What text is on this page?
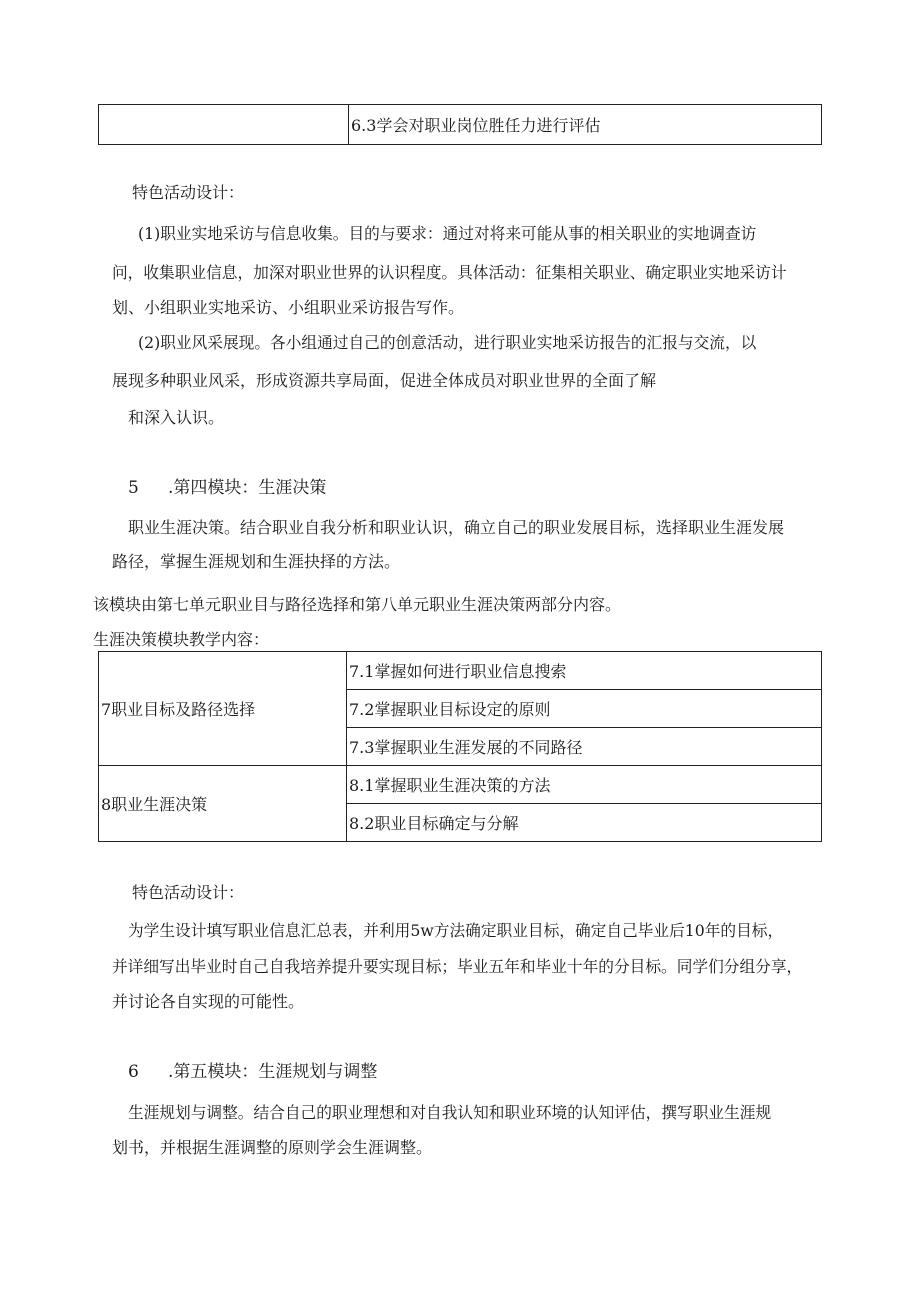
	6.3学会对职业岗位胜任力进行评估
特色活动设计：
(1)职业实地采访与信息收集。目的与要求：通过对将来可能从事的相关职业的实地调查访
问，收集职业信息，加深对职业世界的认识程度。具体活动：征集相关职业、确定职业实地采访计
划、小组职业实地采访、小组职业采访报告写作。
(2)职业风采展现。各小组通过自己的创意活动，进行职业实地采访报告的汇报与交流，以
展现多种职业风采，形成资源共享局面，促进全体成员对职业世界的全面了解
和深入认识。
5 .第四模块：生涯决策
职业生涯决策。结合职业自我分析和职业认识，确立自己的职业发展目标，选择职业生涯发展
路径，掌握生涯规划和生涯抉择的方法。
该模块由第七单元职业目与路径选择和第八单元职业生涯决策两部分内容。
生涯决策模块教学内容：
7职业目标及路径选择	7.1掌握如何进行职业信息搜索
	7.2掌握职业目标设定的原则
	7.3掌握职业生涯发展的不同路径
8职业生涯决策	8.1掌握职业生涯决策的方法
	8.2职业目标确定与分解
特色活动设计：
为学生设计填写职业信息汇总表，并利用5w方法确定职业目标，确定自己毕业后10年的目标，
并详细写出毕业时自己自我培养提升要实现目标；毕业五年和毕业十年的分目标。同学们分组分享，
并讨论各自实现的可能性。
6 .第五模块：生涯规划与调整
生涯规划与调整。结合自己的职业理想和对自我认知和职业环境的认知评估，撰写职业生涯规
划书，并根据生涯调整的原则学会生涯调整。
